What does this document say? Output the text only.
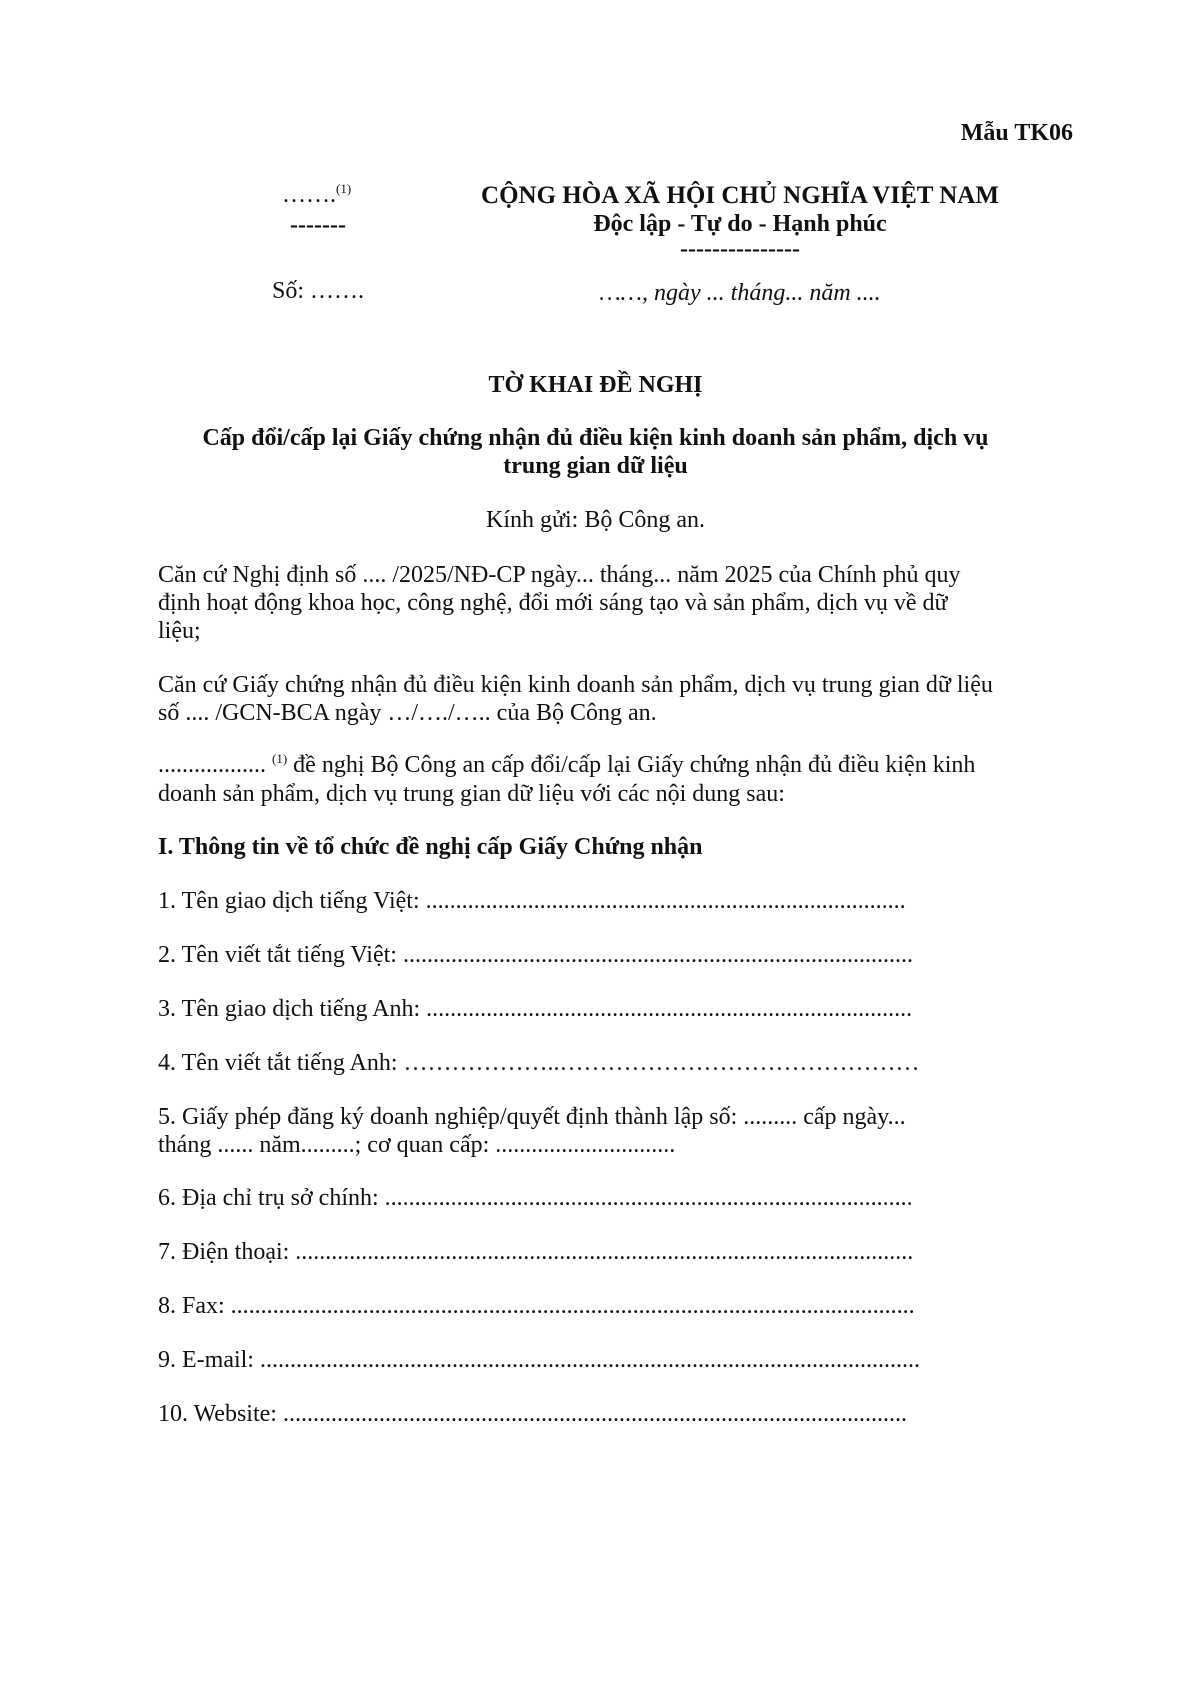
Mẫu TK06
…….$^{(1)}$
-------
Số: …….
CỘNG HÒA XÃ HỘI CHỦ NGHĨA VIỆT NAM
Độc lập - Tự do - Hạnh phúc
---------------
……, ngày ... tháng... năm ....
TỜ KHAI ĐỀ NGHỊ
Cấp đổi/cấp lại Giấy chứng nhận đủ điều kiện kinh doanh sản phẩm, dịch vụ
trung gian dữ liệu
Kính gửi: Bộ Công an.
Căn cứ Nghị định số .... /2025/NĐ-CP ngày... tháng... năm 2025 của Chính phủ quy
định hoạt động khoa học, công nghệ, đổi mới sáng tạo và sản phẩm, dịch vụ về dữ
liệu;
Căn cứ Giấy chứng nhận đủ điều kiện kinh doanh sản phẩm, dịch vụ trung gian dữ liệu
số .... /GCN-BCA ngày …/…./….. của Bộ Công an.
.................. $^{(1)}$ đề nghị Bộ Công an cấp đổi/cấp lại Giấy chứng nhận đủ điều kiện kinh
doanh sản phẩm, dịch vụ trung gian dữ liệu với các nội dung sau:
I. Thông tin về tổ chức đề nghị cấp Giấy Chứng nhận
1. Tên giao dịch tiếng Việt: ................................................................................
2. Tên viết tắt tiếng Việt: .....................................................................................
3. Tên giao dịch tiếng Anh: .................................................................................
4. Tên viết tắt tiếng Anh: ………………..………………………………………
5. Giấy phép đăng ký doanh nghiệp/quyết định thành lập số: ......... cấp ngày...
tháng ...... năm.........; cơ quan cấp: ..............................
6. Địa chỉ trụ sở chính: ........................................................................................
7. Điện thoại: .......................................................................................................
8. Fax: ..................................................................................................................
9. E-mail: ..............................................................................................................
10. Website: ........................................................................................................
